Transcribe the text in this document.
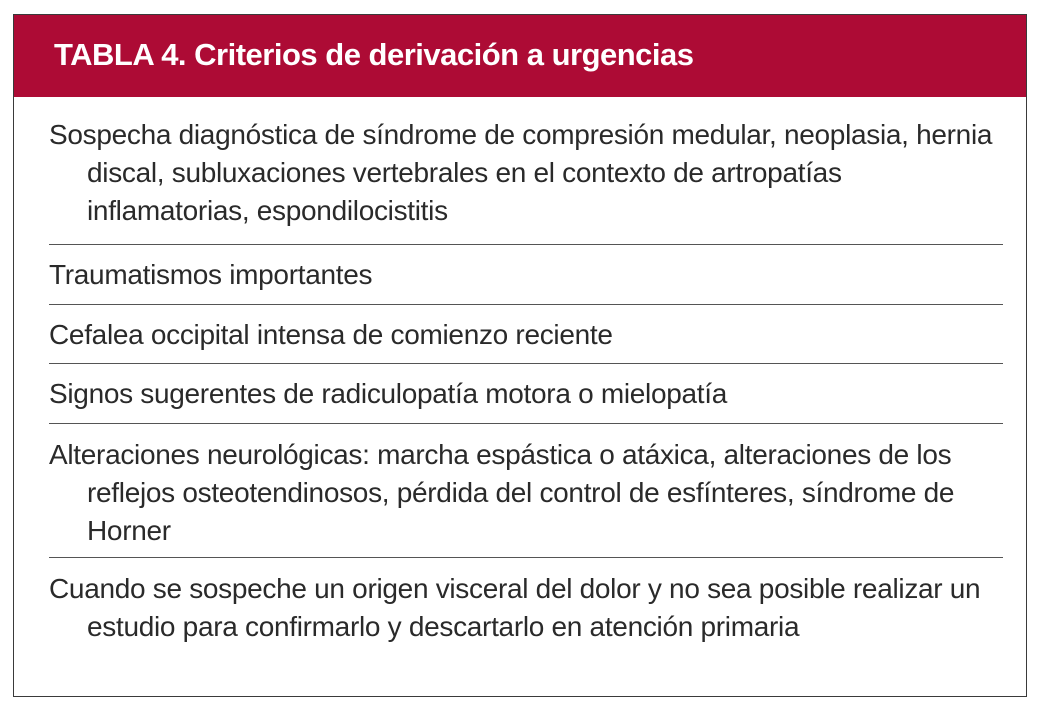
TABLA 4. Criterios de derivación a urgencias
Sospecha diagnóstica de síndrome de compresión medular, neoplasia, hernia discal, subluxaciones vertebrales en el contexto de artropatías inflamatorias, espondilocistitis
Traumatismos importantes
Cefalea occipital intensa de comienzo reciente
Signos sugerentes de radiculopatía motora o mielopatía
Alteraciones neurológicas: marcha espástica o atáxica, alteraciones de los reflejos osteotendinosos, pérdida del control de esfínteres, síndrome de Horner
Cuando se sospeche un origen visceral del dolor y no sea posible realizar un estudio para confirmarlo y descartarlo en atención primaria
